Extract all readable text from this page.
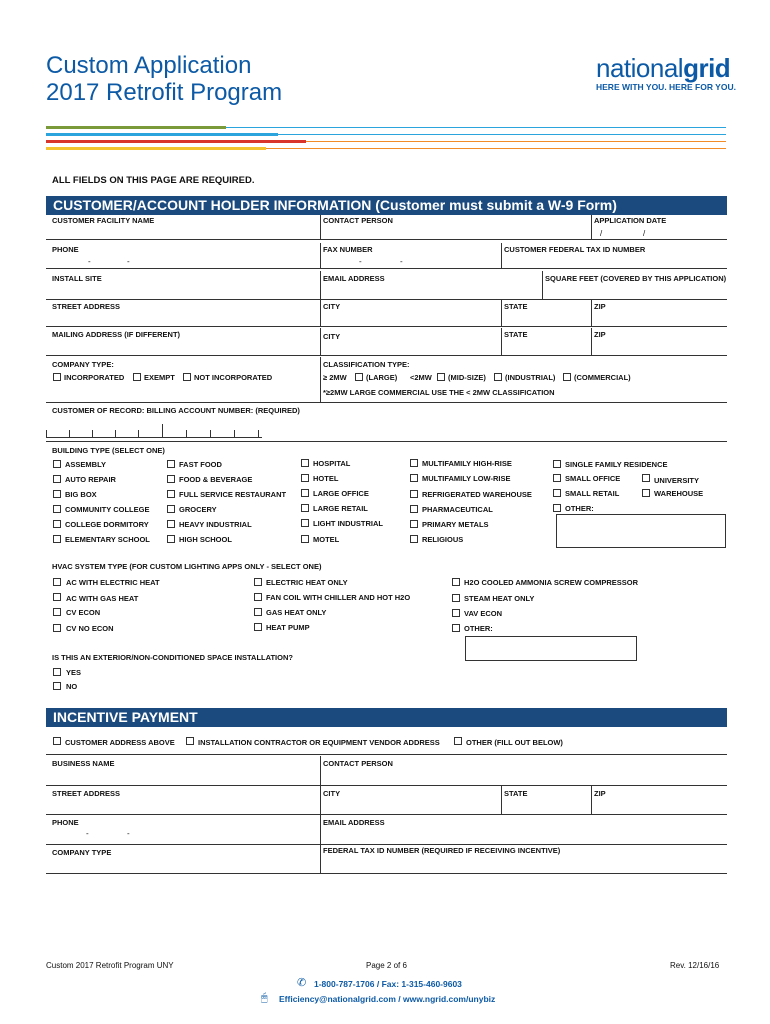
Custom Application
2017 Retrofit Program
nationalgrid
HERE WITH YOU. HERE FOR YOU.
ALL FIELDS ON THIS PAGE ARE REQUIRED.
CUSTOMER/ACCOUNT HOLDER INFORMATION (Customer must submit a W-9 Form)
CUSTOMER FACILITY NAME	CONTACT PERSON	APPLICATION DATE
/	/
PHONE	FAX NUMBER	CUSTOMER FEDERAL TAX ID NUMBER
-	-	-	-
INSTALL SITE	EMAIL ADDRESS	SQUARE FEET (COVERED BY THIS APPLICATION)
STREET ADDRESS	CITY	STATE	ZIP
MAILING ADDRESS (IF DIFFERENT)	CITY	STATE	ZIP
COMPANY TYPE:
INCORPORATED	EXEMPT	NOT INCORPORATED
CLASSIFICATION TYPE:
≥ 2MW	(LARGE) <2MW (MID-SIZE)	(INDUSTRIAL) (COMMERCIAL)
*≥2MW LARGE COMMERCIAL USE THE < 2MW CLASSIFICATION
CUSTOMER OF RECORD: BILLING ACCOUNT NUMBER: (REQUIRED)
BUILDING TYPE (SELECT ONE)
ASSEMBLY
AUTO REPAIR
BIG BOX
COMMUNITY COLLEGE
COLLEGE DORMITORY
ELEMENTARY SCHOOL
FAST FOOD
FOOD & BEVERAGE
FULL SERVICE RESTAURANT
GROCERY
HEAVY INDUSTRIAL
HIGH SCHOOL
HOSPITAL
HOTEL
LARGE OFFICE
LARGE RETAIL
LIGHT INDUSTRIAL
MOTEL
MULTIFAMILY HIGH-RISE
MULTIFAMILY LOW-RISE
REFRIGERATED WAREHOUSE
PHARMACEUTICAL
PRIMARY METALS
RELIGIOUS
SINGLE FAMILY RESIDENCE
SMALL OFFICE
SMALL RETAIL
OTHER:
UNIVERSITY
WAREHOUSE
HVAC SYSTEM TYPE (FOR CUSTOM LIGHTING APPS ONLY - SELECT ONE)
AC WITH ELECTRIC HEAT
AC WITH GAS HEAT
CV ECON
CV NO ECON
ELECTRIC HEAT ONLY
FAN COIL WITH CHILLER AND HOT H2O
GAS HEAT ONLY
HEAT PUMP
H2O COOLED AMMONIA SCREW COMPRESSOR
STEAM HEAT ONLY
VAV ECON
OTHER:
IS THIS AN EXTERIOR/NON-CONDITIONED SPACE INSTALLATION?
YES
NO
INCENTIVE PAYMENT
CUSTOMER ADDRESS ABOVE	INSTALLATION CONTRACTOR OR EQUIPMENT VENDOR ADDRESS	OTHER (FILL OUT BELOW)
BUSINESS NAME	CONTACT PERSON
STREET ADDRESS	CITY	STATE	ZIP
PHONE	EMAIL ADDRESS
-	-
COMPANY TYPE	FEDERAL TAX ID NUMBER (REQUIRED IF RECEIVING INCENTIVE)
Custom 2017 Retrofit Program UNY	Page 2 of 6	Rev. 12/16/16
✆ 1-800-787-1706 / Fax: 1-315-460-9603
🖱 Efficiency@nationalgrid.com / www.ngrid.com/unybiz
